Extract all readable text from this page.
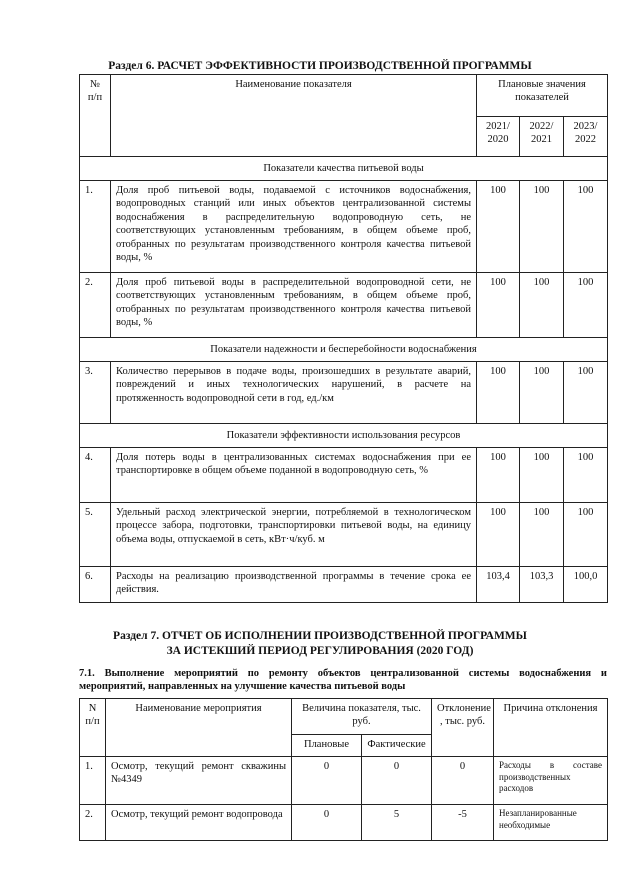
Раздел 6. РАСЧЕТ ЭФФЕКТИВНОСТИ ПРОИЗВОДСТВЕННОЙ ПРОГРАММЫ
№ п/п	Наименование показателя	Плановые значения показателей		
		2021/ 2020	2022/ 2021	2023/ 2022
Показатели качества питьевой воды				
1.	Доля проб питьевой воды, подаваемой с источников водоснабжения, водопроводных станций или иных объектов централизованной системы водоснабжения в распределительную водопроводную сеть, не соответствующих установленным требованиям, в общем объеме проб, отобранных по результатам производственного контроля качества питьевой воды, %	100	100	100
2.	Доля проб питьевой воды в распределительной водопроводной сети, не соответствующих установленным требованиям, в общем объеме проб, отобранных по результатам производственного контроля качества питьевой воды, %	100	100	100
Показатели надежности и бесперебойности водоснабжения				
3.	Количество перерывов в подаче воды, произошедших в результате аварий, повреждений и иных технологических нарушений, в расчете на протяженность водопроводной сети в год, ед./км	100	100	100
Показатели эффективности использования ресурсов				
4.	Доля потерь воды в централизованных системах водоснабжения при ее транспортировке в общем объеме поданной в водопроводную сеть, %	100	100	100
5.	Удельный расход электрической энергии, потребляемой в технологическом процессе забора, подготовки, транспортировки питьевой воды, на единицу объема воды, отпускаемой в сеть, кВт·ч/куб. м	100	100	100
6.	Расходы на реализацию производственной программы в течение срока ее действия.	103,4	103,3	100,0
Раздел 7. ОТЧЕТ ОБ ИСПОЛНЕНИИ ПРОИЗВОДСТВЕННОЙ ПРОГРАММЫ
ЗА ИСТЕКШИЙ ПЕРИОД РЕГУЛИРОВАНИЯ (2020 ГОД)
7.1. Выполнение мероприятий по ремонту объектов централизованной системы водоснабжения и мероприятий, направленных на улучшение качества питьевой воды
N п/п	Наименование мероприятия	Величина показателя, тыс. руб.		Отклонение , тыс. руб.	Причина отклонения
		Плановые	Фактические		
1.	Осмотр, текущий ремонт скважины №4349	0	0	0	Расходы в составе производственных расходов
2.	Осмотр, текущий ремонт водопровода	0	5	-5	Незапланированные необходимые
